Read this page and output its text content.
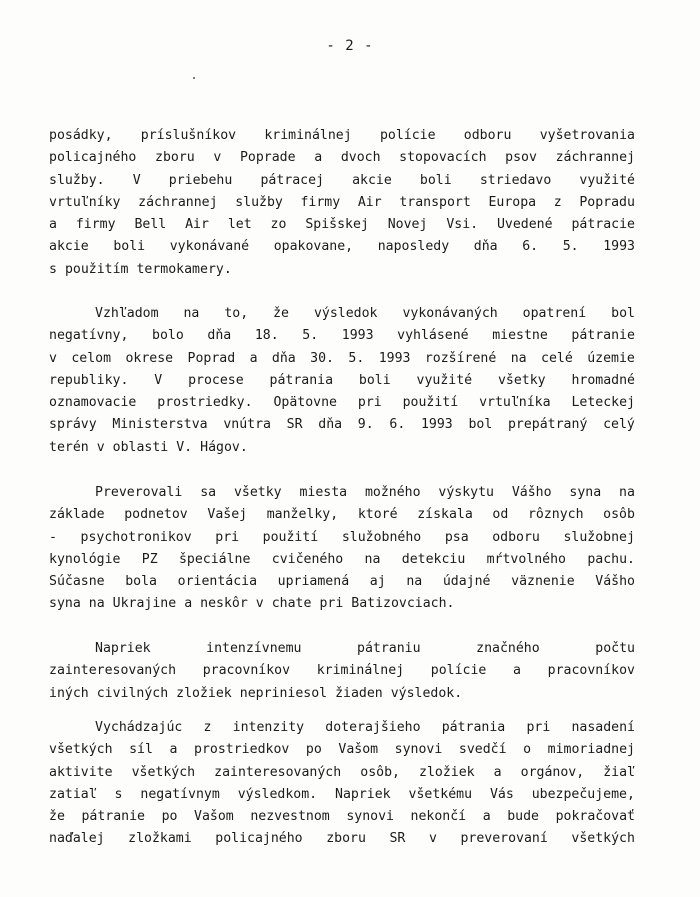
- 2 -
posádky, príslušníkov kriminálnej polície odboru vyšetrovania
policajného zboru v Poprade a dvoch stopovacích psov záchrannej
služby. V priebehu pátracej akcie boli striedavo využité
vrtuľníky záchrannej služby firmy Air transport Europa z Popradu
a firmy Bell Air let zo Spišskej Novej Vsi. Uvedené pátracie
akcie boli vykonávané opakovane, naposledy dňa 6. 5. 1993
s použitím termokamery.
Vzhľadom na to, že výsledok vykonávaných opatrení bol
negatívny, bolo dňa 18. 5. 1993 vyhlásené miestne pátranie
v celom okrese Poprad a dňa 30. 5. 1993 rozšírené na celé územie
republiky. V procese pátrania boli využité všetky hromadné
oznamovacie prostriedky. Opätovne pri použití vrtuľníka Leteckej
správy Ministerstva vnútra SR dňa 9. 6. 1993 bol prepátraný celý
terén v oblasti V. Hágov.
Preverovali sa všetky miesta možného výskytu Vášho syna na
základe podnetov Vašej manželky, ktoré získala od rôznych osôb
- psychotronikov pri použití služobného psa odboru služobnej
kynológie PZ špeciálne cvičeného na detekciu mŕtvolného pachu.
Súčasne bola orientácia upriamená aj na údajné väznenie Vášho
syna na Ukrajine a neskôr v chate pri Batizovciach.
Napriek	intenzívnemu	pátraniu	značného	počtu
zainteresovaných pracovníkov kriminálnej polície a pracovníkov
iných civilných zložiek nepriniesol žiaden výsledok.
Vychádzajúc z intenzity doterajšieho pátrania pri nasadení
všetkých síl a prostriedkov po Vašom synovi svedčí o mimoriadnej
aktivite všetkých zainteresovaných osôb, zložiek a orgánov, žiaľ
zatiaľ s negatívnym výsledkom. Napriek všetkému Vás ubezpečujeme,
že pátranie po Vašom nezvestnom synovi nekončí a bude pokračovať
naďalej zložkami policajného zboru SR v preverovaní všetkých
